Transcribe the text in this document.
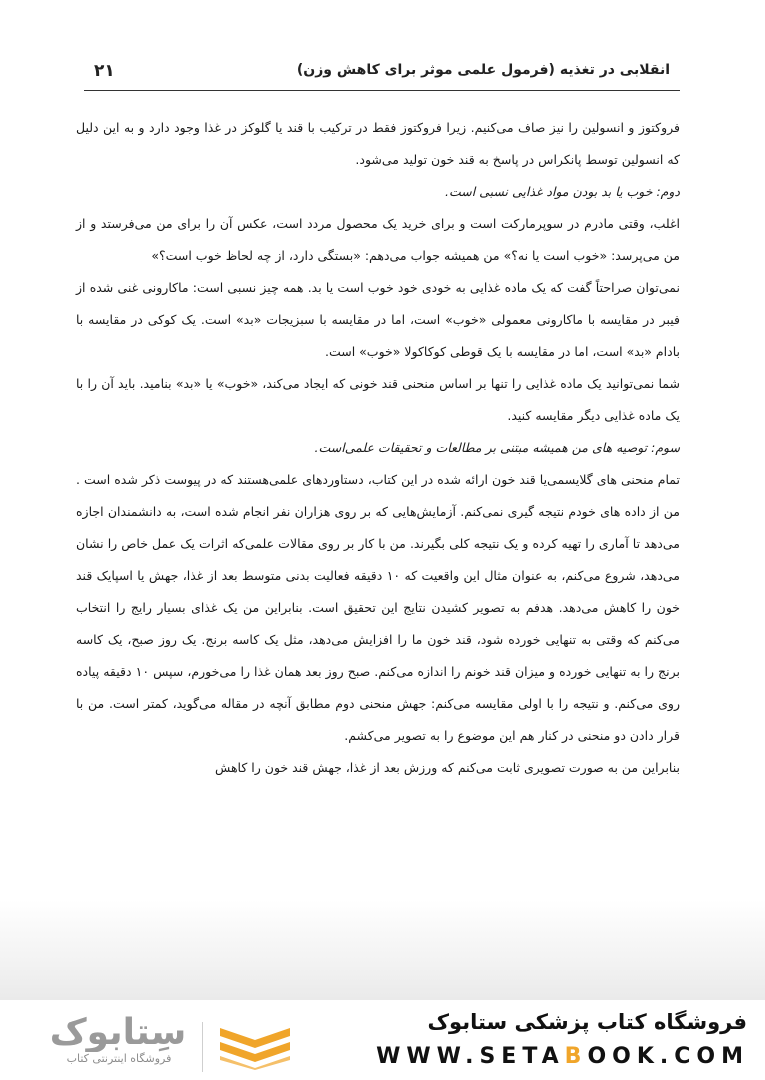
انقلابی در تغذیه (فرمول علمی موثر برای کاهش وزن)
۲۱

فروکتوز و انسولین را نیز صاف می‌کنیم. زیرا فروکتوز فقط در ترکیب با قند یا گلوکز در غذا وجود دارد و به این دلیل که انسولین توسط پانکراس در پاسخ به قند خون تولید می‌شود.

دوم: خوب یا بد بودن مواد غذایی نسبی است.

اغلب، وقتی مادرم در سوپرمارکت است و برای خرید یک محصول مردد است، عکس آن را برای من می‌فرستد و از من می‌پرسد: «خوب است یا نه؟» من همیشه جواب می‌دهم: «بستگی دارد، از چه لحاظ خوب است؟»

نمی‌توان صراحتاً گفت که یک ماده غذایی به خودی خود خوب است یا بد. همه چیز نسبی است: ماکارونی غنی شده از فیبر در مقایسه با ماکارونی معمولی «خوب» است، اما در مقایسه با سبزیجات «بد» است. یک کوکی در مقایسه با بادام «بد» است، اما در مقایسه با یک قوطی کوکاکولا «خوب» است.

شما نمی‌توانید یک ماده غذایی را تنها بر اساس منحنی قند خونی که ایجاد می‌کند، «خوب» یا «بد» بنامید. باید آن را با یک ماده غذایی دیگر مقایسه کنید.

سوم: توصیه های من همیشه مبتنی بر مطالعات و تحقیقات علمی‌است.

تمام منحنی های گلایسمی‌یا قند خون ارائه شده در این کتاب، دستاوردهای علمی‌هستند که در پیوست ذکر شده است . من از داده های خودم نتیجه گیری نمی‌کنم. آزمایش‌هایی که بر روی هزاران نفر انجام شده است، به دانشمندان اجازه می‌دهد تا آماری را تهیه کرده و یک نتیجه کلی بگیرند. من با کار بر روی مقالات علمی‌که اثرات یک عمل خاص را نشان می‌دهد، شروع می‌کنم، به عنوان مثال این واقعیت که ۱۰ دقیقه فعالیت بدنی متوسط بعد از غذا، جهش یا اسپایک قند خون را کاهش می‌دهد. هدفم به تصویر کشیدن نتایج این تحقیق است. بنابراین من یک غذای بسیار رایج را انتخاب می‌کنم که وقتی به تنهایی خورده شود، قند خون ما را افزایش می‌دهد، مثل یک کاسه برنج. یک روز صبح، یک کاسه برنج را به تنهایی خورده و میزان قند خونم را اندازه می‌کنم. صبح روز بعد همان غذا را می‌خورم، سپس ۱۰ دقیقه پیاده روی می‌کنم. و نتیجه را با اولی مقایسه می‌کنم: جهش منحنی دوم مطابق آنچه در مقاله می‌گوید، کمتر است. من با قرار دادن دو منحنی در کنار هم این موضوع را به تصویر می‌کشم.

بنابراین من به صورت تصویری ثابت می‌کنم که ورزش بعد از غذا، جهش قند خون را کاهش

سِتابوک
فروشگاه اینترنتی کتاب
فروشگاه کتاب پزشکی ستابوک
WWW.SETABOOK.COM
